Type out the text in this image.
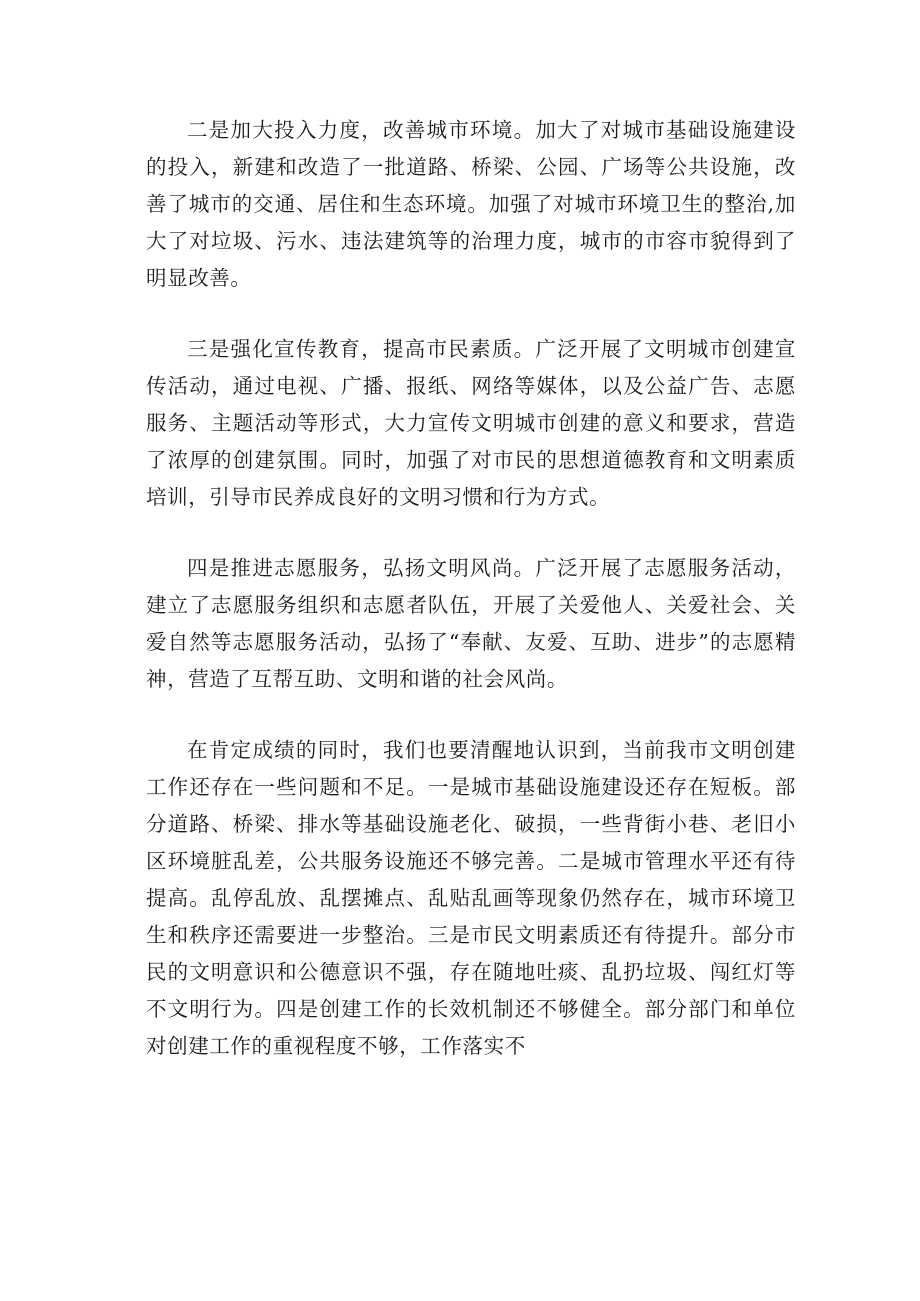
二是加大投入力度，改善城市环境。加大了对城市基础设施建设的投入，新建和改造了一批道路、桥梁、公园、广场等公共设施，改善了城市的交通、居住和生态环境。加强了对城市环境卫生的整治,加大了对垃圾、污水、违法建筑等的治理力度，城市的市容市貌得到了明显改善。

三是强化宣传教育，提高市民素质。广泛开展了文明城市创建宣传活动，通过电视、广播、报纸、网络等媒体，以及公益广告、志愿服务、主题活动等形式，大力宣传文明城市创建的意义和要求，营造了浓厚的创建氛围。同时，加强了对市民的思想道德教育和文明素质培训，引导市民养成良好的文明习惯和行为方式。

四是推进志愿服务，弘扬文明风尚。广泛开展了志愿服务活动，建立了志愿服务组织和志愿者队伍，开展了关爱他人、关爱社会、关爱自然等志愿服务活动，弘扬了“奉献、友爱、互助、进步”的志愿精神，营造了互帮互助、文明和谐的社会风尚。

在肯定成绩的同时，我们也要清醒地认识到，当前我市文明创建工作还存在一些问题和不足。一是城市基础设施建设还存在短板。部分道路、桥梁、排水等基础设施老化、破损，一些背街小巷、老旧小区环境脏乱差，公共服务设施还不够完善。二是城市管理水平还有待提高。乱停乱放、乱摆摊点、乱贴乱画等现象仍然存在，城市环境卫生和秩序还需要进一步整治。三是市民文明素质还有待提升。部分市民的文明意识和公德意识不强，存在随地吐痰、乱扔垃圾、闯红灯等不文明行为。四是创建工作的长效机制还不够健全。部分部门和单位对创建工作的重视程度不够，工作落实不
